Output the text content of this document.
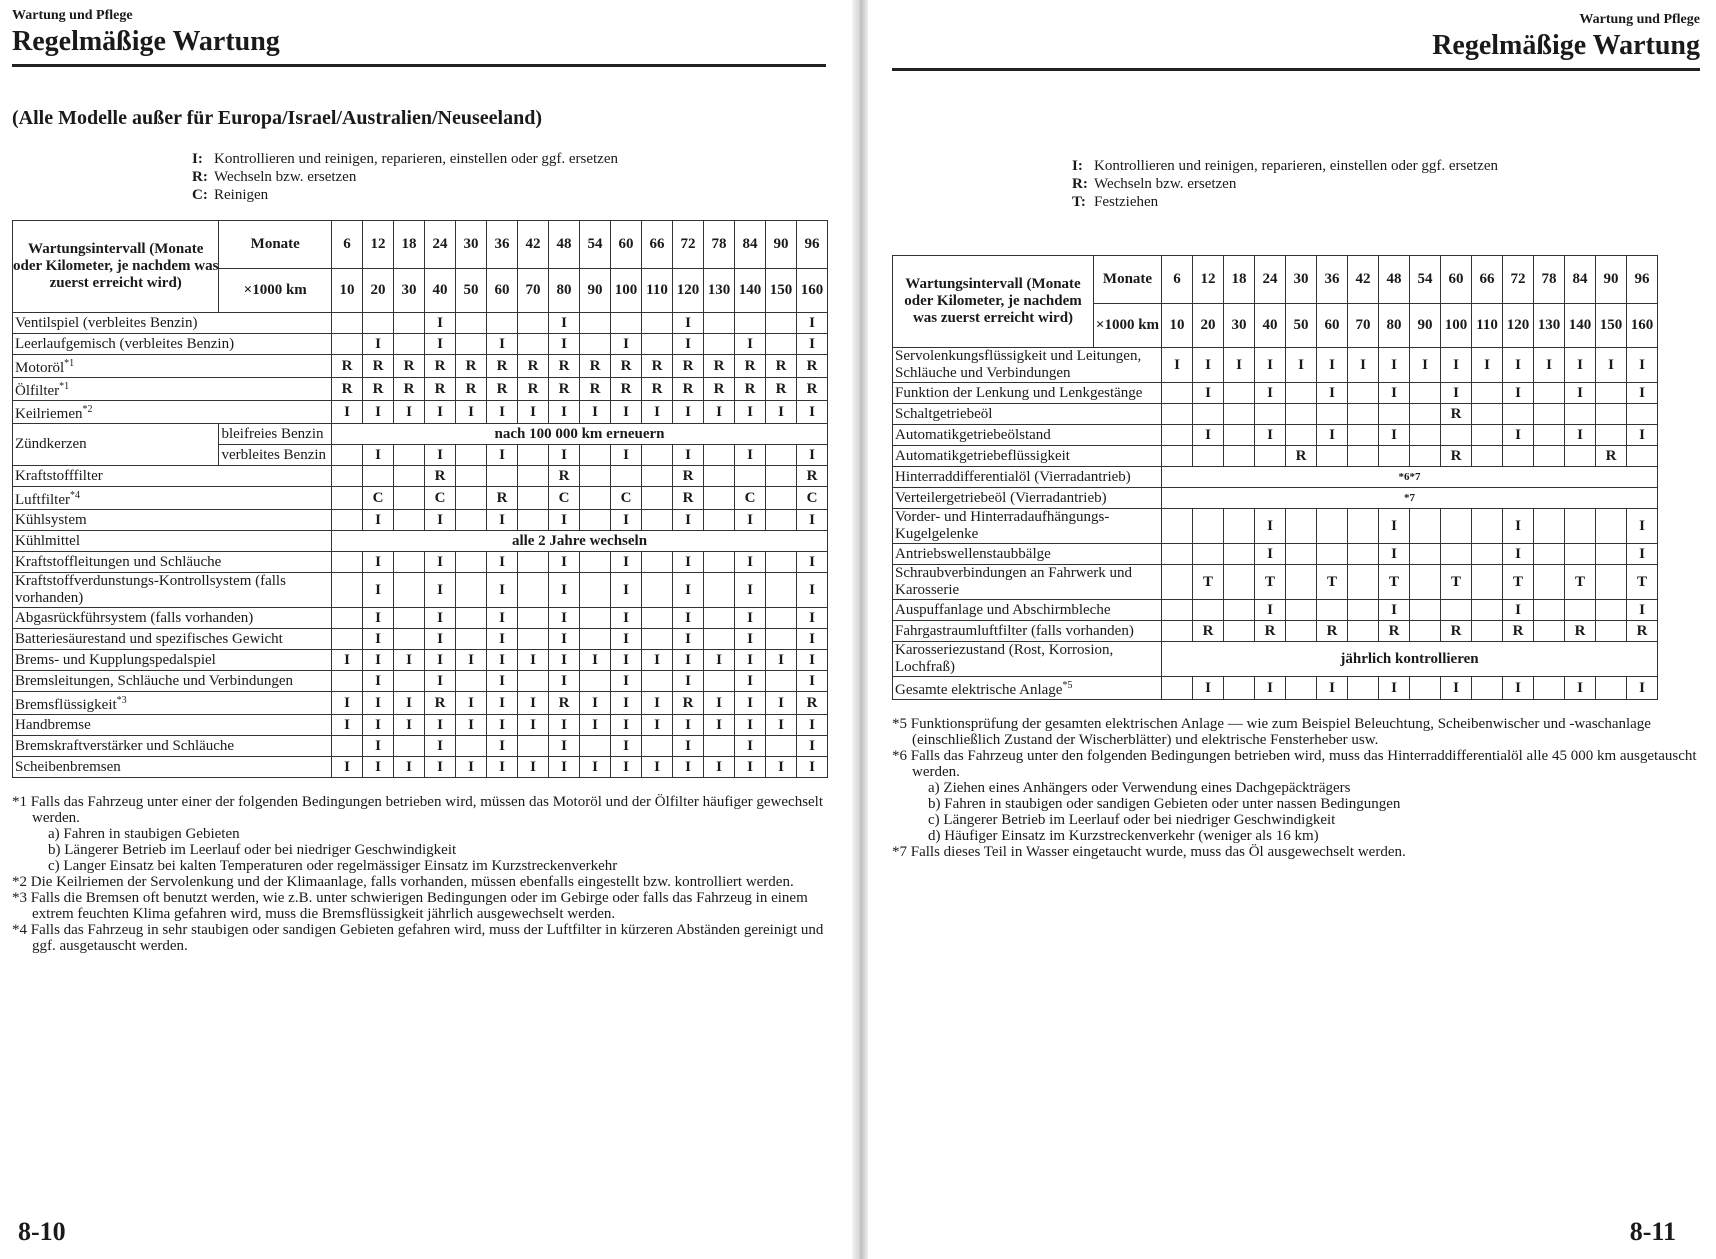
Wartung und Pflege
Regelmäßige Wartung
(Alle Modelle außer für Europa/Israel/Australien/Neuseeland)
I: Kontrollieren und reinigen, reparieren, einstellen oder ggf. ersetzen
R: Wechseln bzw. ersetzen
C: Reinigen
Wartungsintervall (Monate oder Kilometer, je nachdem was zuerst erreicht wird)	Monate	6	12	18	24	30	36	42	48	54	60	66	72	78	84	90	96
	×1000 km	10	20	30	40	50	60	70	80	90	100	110	120	130	140	150	160
Ventilspiel (verbleites Benzin)					I				I				I				I
Leerlaufgemisch (verbleites Benzin)			I		I		I		I		I		I		I		I
Motoröl$^{*1}$		R	R	R	R	R	R	R	R	R	R	R	R	R	R	R	R
Ölfilter$^{*1}$		R	R	R	R	R	R	R	R	R	R	R	R	R	R	R	R
Keilriemen$^{*2}$		I	I	I	I	I	I	I	I	I	I	I	I	I	I	I	I
Zündkerzen	bleifreies Benzin	nach 100 000 km erneuern															
	verbleites Benzin		I		I		I		I		I		I		I		I
Kraftstofffilter					R				R				R				R
Luftfilter$^{*4}$			C		C		R		C		C		R		C		C
Kühlsystem			I		I		I		I		I		I		I		I
Kühlmittel		alle 2 Jahre wechseln															
Kraftstoffleitungen und Schläuche			I		I		I		I		I		I		I		I
Kraftstoffverdunstungs-Kontrollsystem (falls vorhanden)			I		I		I		I		I		I		I		I
Abgasrückführsystem (falls vorhanden)			I		I		I		I		I		I		I		I
Batteriesäurestand und spezifisches Gewicht			I		I		I		I		I		I		I		I
Brems- und Kupplungspedalspiel		I	I	I	I	I	I	I	I	I	I	I	I	I	I	I	I
Bremsleitungen, Schläuche und Verbindungen			I		I		I		I		I		I		I		I
Bremsflüssigkeit$^{*3}$		I	I	I	R	I	I	I	R	I	I	I	R	I	I	I	R
Handbremse		I	I	I	I	I	I	I	I	I	I	I	I	I	I	I	I
Bremskraftverstärker und Schläuche			I		I		I		I		I		I		I		I
Scheibenbremsen		I	I	I	I	I	I	I	I	I	I	I	I	I	I	I	I
*1 Falls das Fahrzeug unter einer der folgenden Bedingungen betrieben wird, müssen das Motoröl und der Ölfilter häufiger gewechselt werden.
a) Fahren in staubigen Gebieten
b) Längerer Betrieb im Leerlauf oder bei niedriger Geschwindigkeit
c) Langer Einsatz bei kalten Temperaturen oder regelmässiger Einsatz im Kurzstreckenverkehr
*2 Die Keilriemen der Servolenkung und der Klimaanlage, falls vorhanden, müssen ebenfalls eingestellt bzw. kontrolliert werden.
*3 Falls die Bremsen oft benutzt werden, wie z.B. unter schwierigen Bedingungen oder im Gebirge oder falls das Fahrzeug in einem extrem feuchten Klima gefahren wird, muss die Bremsflüssigkeit jährlich ausgewechselt werden.
*4 Falls das Fahrzeug in sehr staubigen oder sandigen Gebieten gefahren wird, muss der Luftfilter in kürzeren Abständen gereinigt und ggf. ausgetauscht werden.
8-10
Wartung und Pflege
Regelmäßige Wartung
I: Kontrollieren und reinigen, reparieren, einstellen oder ggf. ersetzen
R: Wechseln bzw. ersetzen
T: Festziehen
Wartungsintervall (Monate oder Kilometer, je nachdem was zuerst erreicht wird)	Monate	6	12	18	24	30	36	42	48	54	60	66	72	78	84	90	96
	×1000 km	10	20	30	40	50	60	70	80	90	100	110	120	130	140	150	160
Servolenkungsflüssigkeit und Leitungen, Schläuche und Verbindungen		I	I	I	I	I	I	I	I	I	I	I	I	I	I	I	I
Funktion der Lenkung und Lenkgestänge			I		I		I		I		I		I		I		I
Schaltgetriebeöl											R						
Automatikgetriebeölstand			I		I		I		I				I		I		I
Automatikgetriebeflüssigkeit						R					R					R	
Hinterraddifferentialöl (Vierradantrieb)		*6*7															
Verteilergetriebeöl (Vierradantrieb)		*7															
Vorder- und Hinterradaufhängungs-Kugelgelenke					I				I				I				I
Antriebswellenstaubbälge					I				I				I				I
Schraubverbindungen an Fahrwerk und Karosserie			T		T		T		T		T		T		T		T
Auspuffanlage und Abschirmbleche					I				I				I				I
Fahrgastraumluftfilter (falls vorhanden)			R		R		R		R		R		R		R		R
Karosseriezustand (Rost, Korrosion, Lochfraß)		jährlich kontrollieren															
Gesamte elektrische Anlage$^{*5}$			I		I		I		I		I		I		I		I
*5 Funktionsprüfung der gesamten elektrischen Anlage — wie zum Beispiel Beleuchtung, Scheibenwischer und -waschanlage (einschließlich Zustand der Wischerblätter) und elektrische Fensterheber usw.
*6 Falls das Fahrzeug unter den folgenden Bedingungen betrieben wird, muss das Hinterraddifferentialöl alle 45 000 km ausgetauscht werden.
a) Ziehen eines Anhängers oder Verwendung eines Dachgepäckträgers
b) Fahren in staubigen oder sandigen Gebieten oder unter nassen Bedingungen
c) Längerer Betrieb im Leerlauf oder bei niedriger Geschwindigkeit
d) Häufiger Einsatz im Kurzstreckenverkehr (weniger als 16 km)
*7 Falls dieses Teil in Wasser eingetaucht wurde, muss das Öl ausgewechselt werden.
8-11
